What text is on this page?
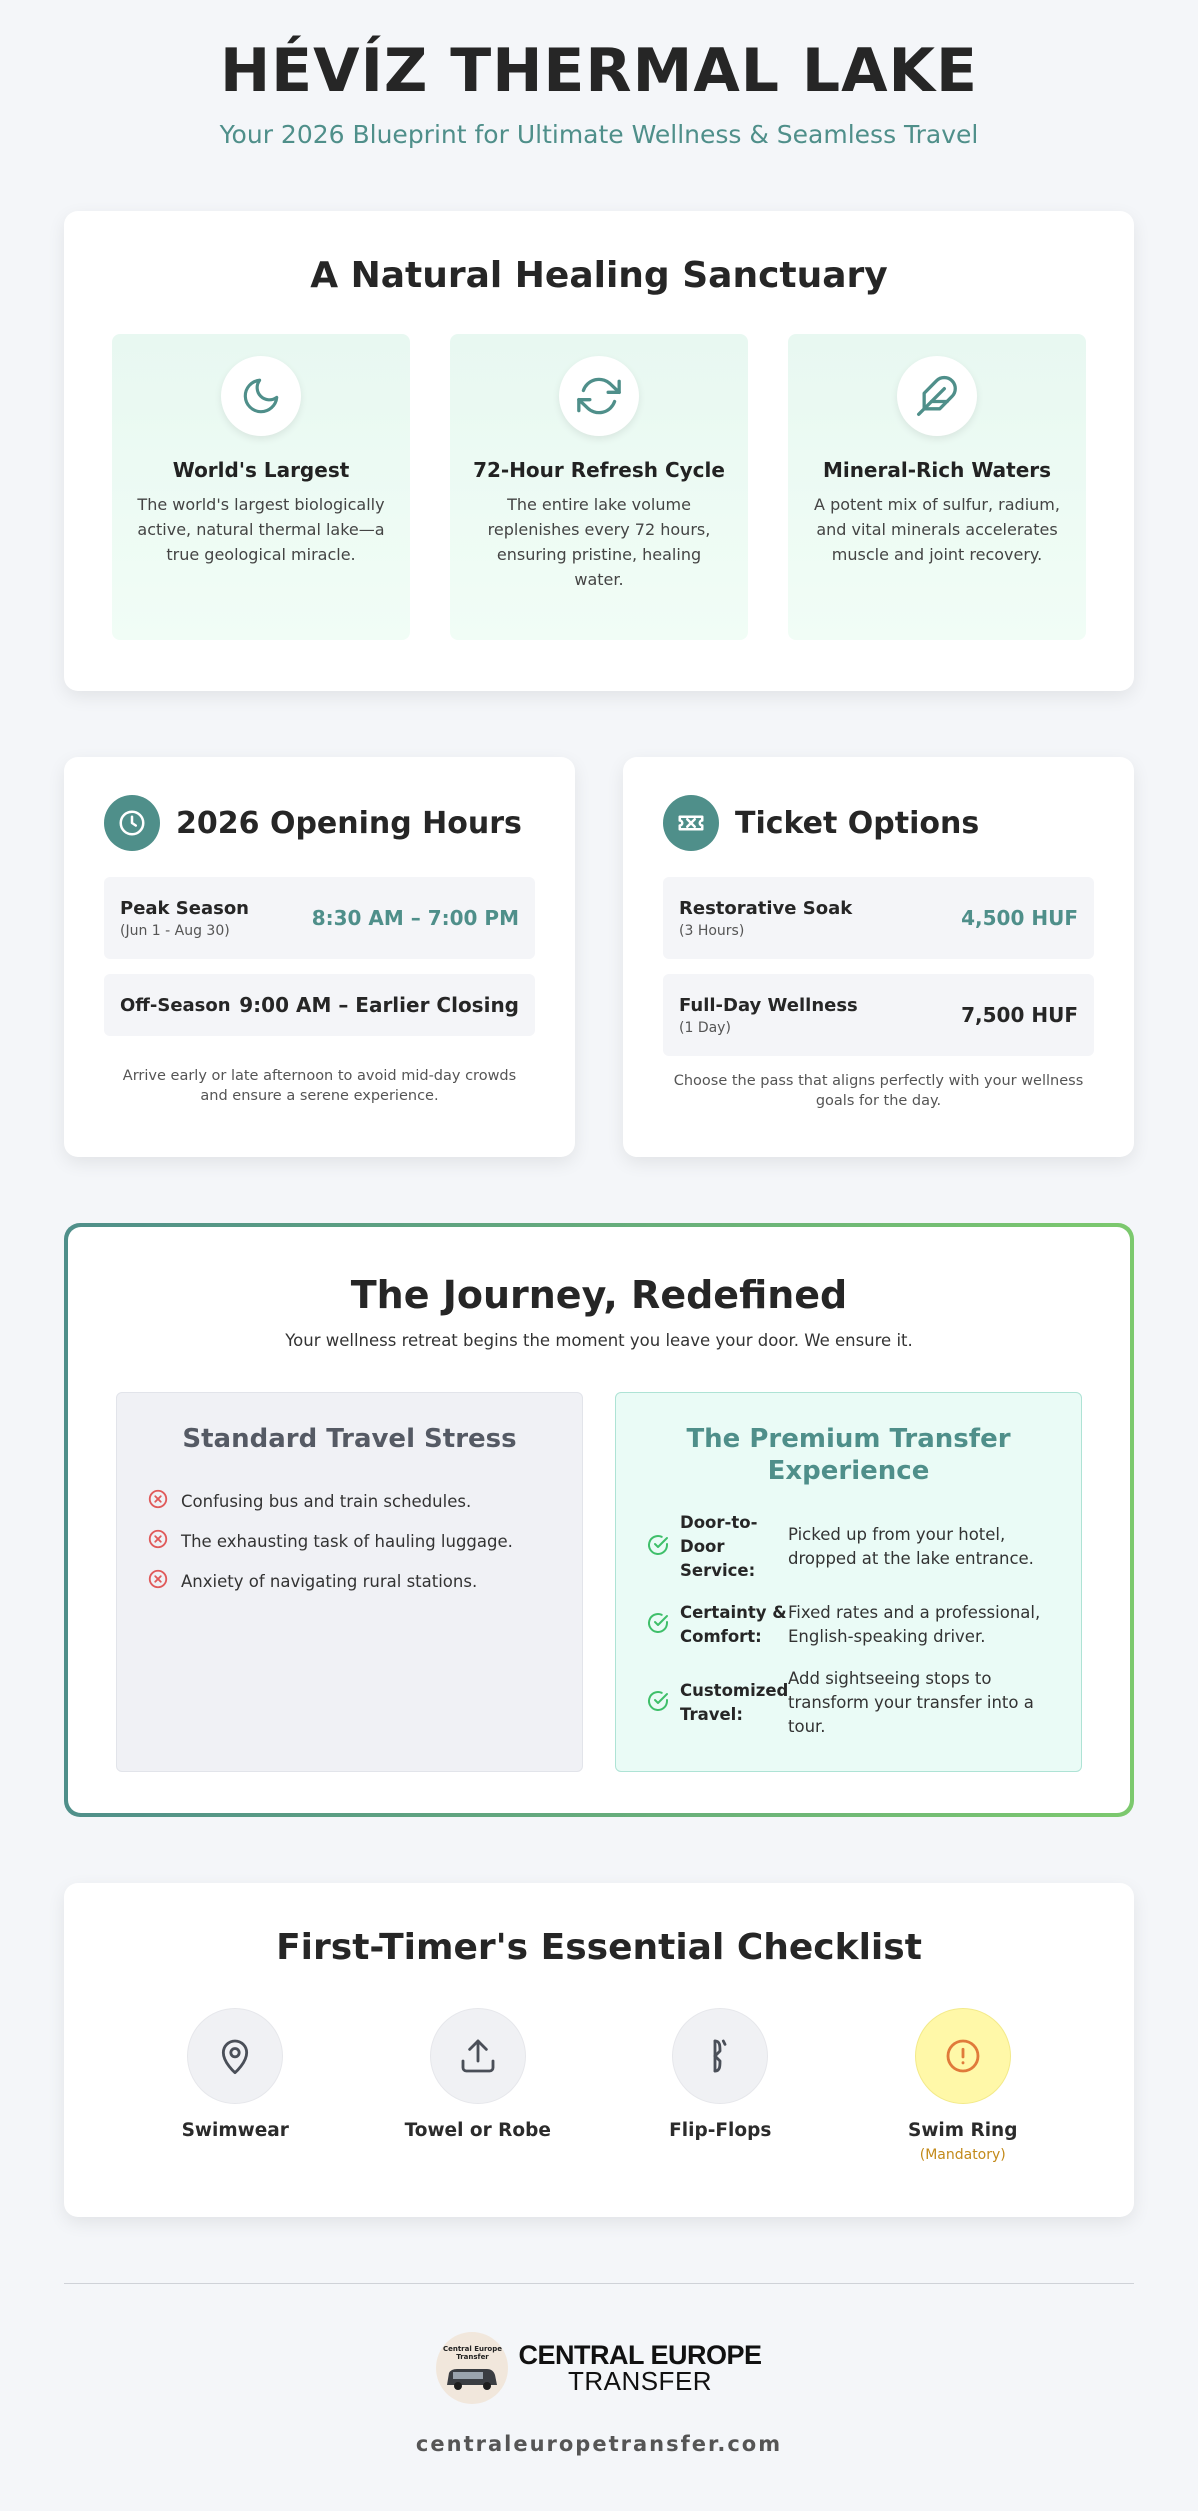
HÉVÍZ THERMAL LAKE
Your 2026 Blueprint for Ultimate Wellness & Seamless Travel
A Natural Healing Sanctuary
World's Largest

The world's largest biologically active, natural thermal lake—a true geological miracle.

72-Hour Refresh Cycle

The entire lake volume replenishes every 72 hours, ensuring pristine, healing water.

Mineral-Rich Waters

A potent mix of sulfur, radium, and vital minerals accelerates muscle and joint recovery.

2026 Opening Hours
Peak Season
(Jun 1 - Aug 30)
8:30 AM – 7:00 PM
Off-Season 9:00 AM – Earlier Closing
Arrive early or late afternoon to avoid mid-day crowds and ensure a serene experience.
Ticket Options
Restorative Soak
(3 Hours)
4,500 HUF
Full-Day Wellness
(1 Day)
7,500 HUF
Choose the pass that aligns perfectly with your wellness goals for the day.
The Journey, Redefined
Your wellness retreat begins the moment you leave your door. We ensure it.
Standard Travel Stress
Confusing bus and train schedules.
The exhausting task of hauling luggage.
Anxiety of navigating rural stations.
The Premium Transfer Experience
Door-to-Door Service:
Picked up from your hotel, dropped at the lake entrance.
Certainty & Comfort:
Fixed rates and a professional, English-speaking driver.
Customized Travel:
Add sightseeing stops to transform your transfer into a tour.
First-Timer's Essential Checklist
Swimwear	Towel or Robe	Flip-Flops	Swim Ring
(Mandatory)
Central Europe Transfer	CENTRAL EUROPE
TRANSFER
centraleuropetransfer.com
